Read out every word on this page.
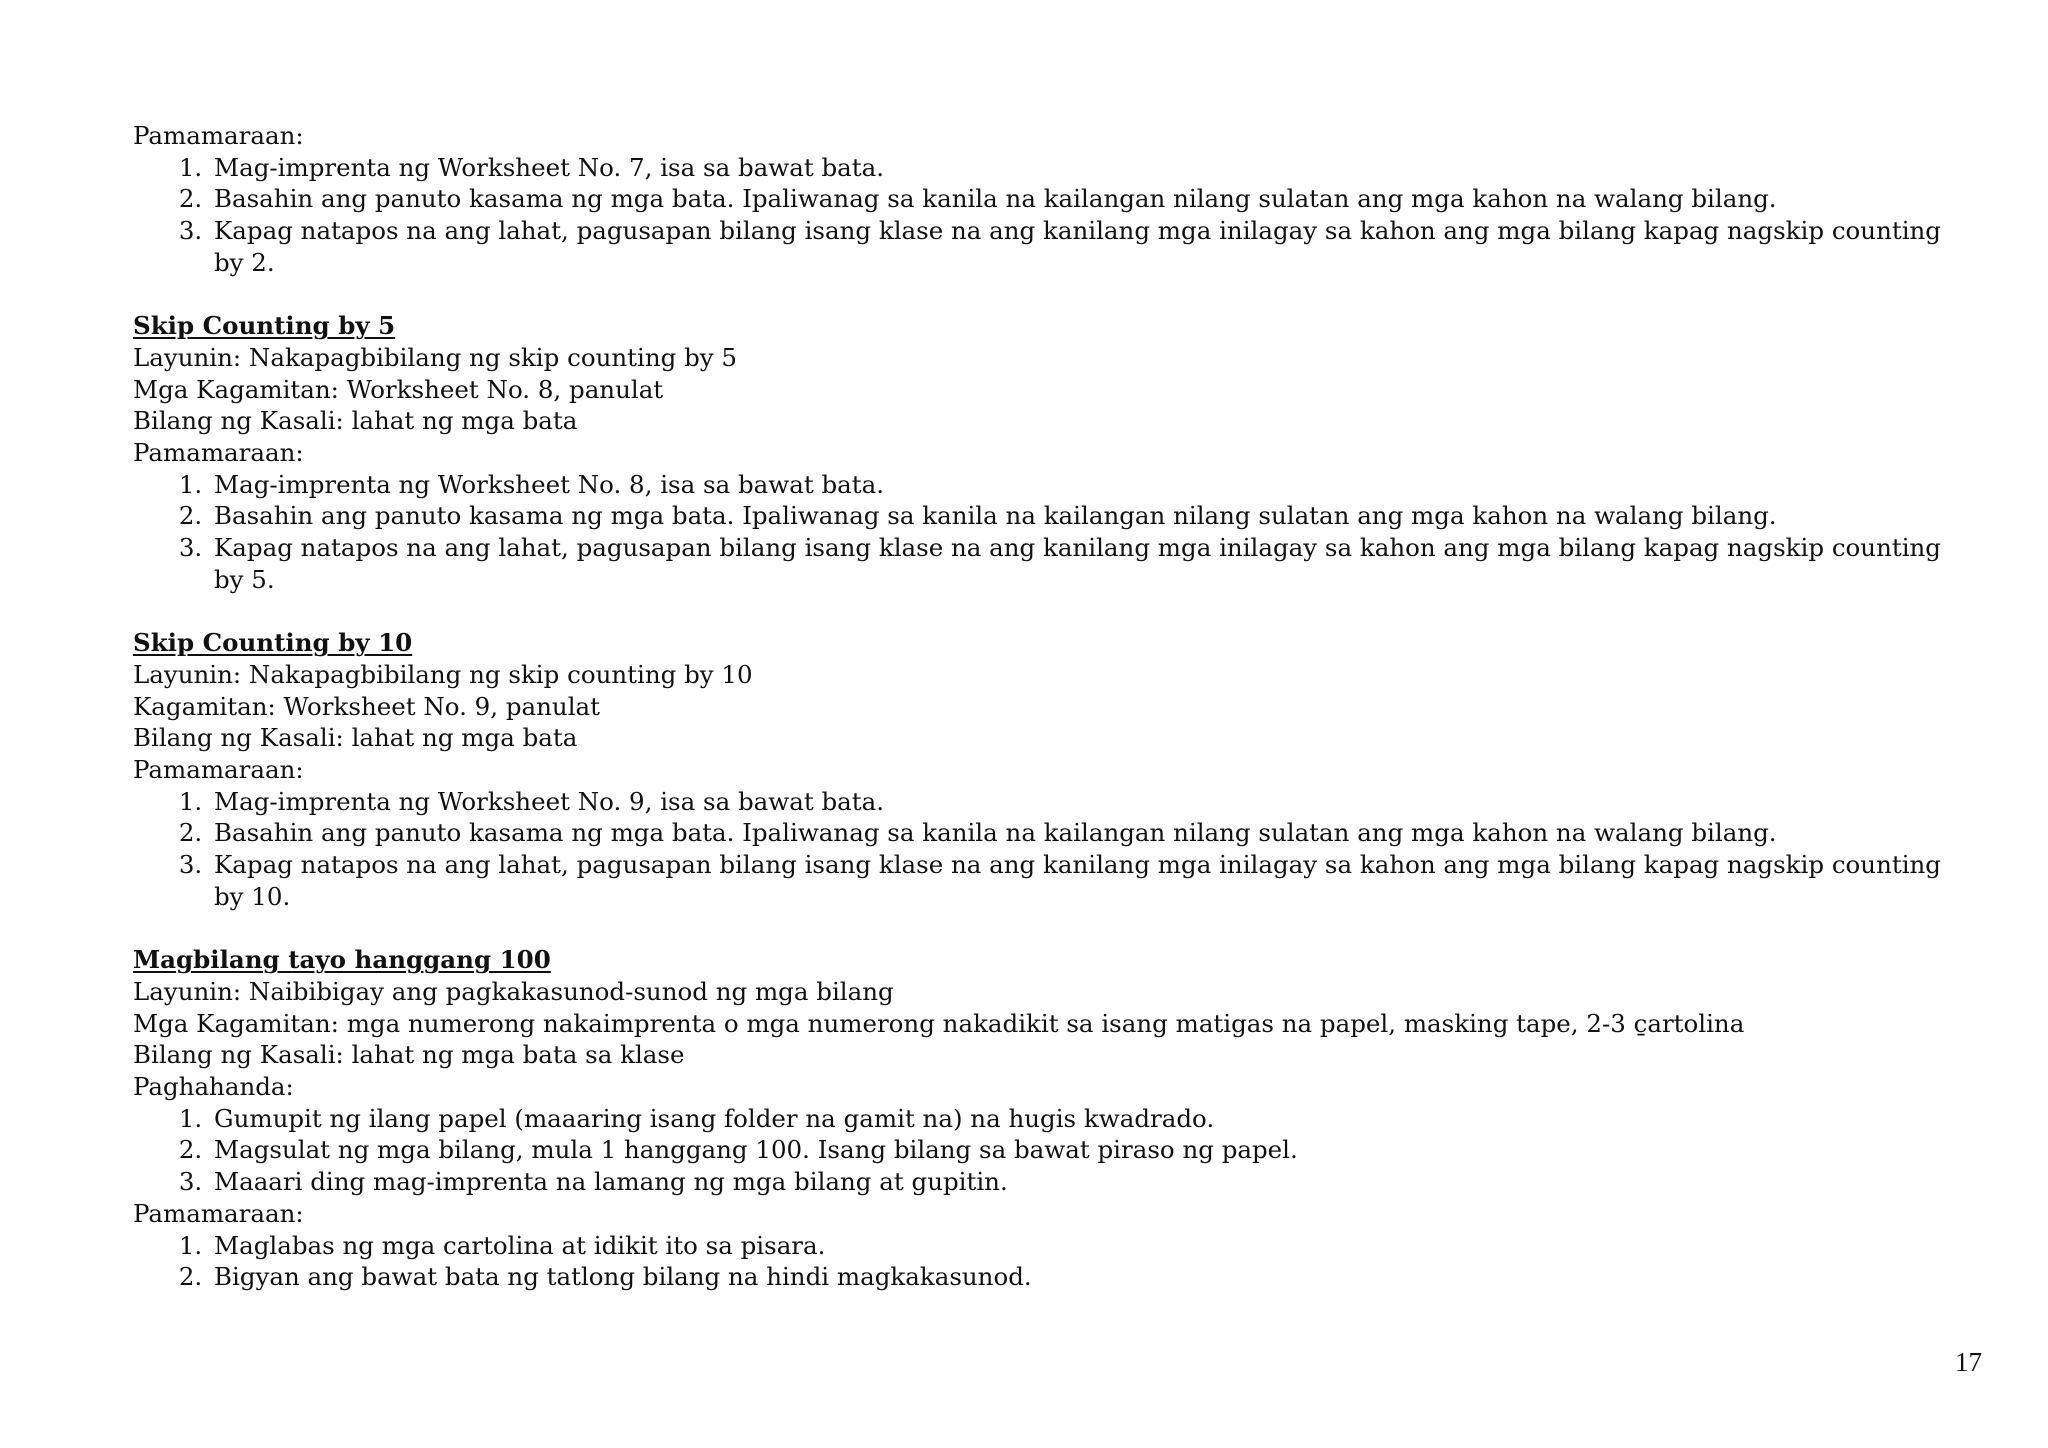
Pamamaraan:
1. Mag-imprenta ng Worksheet No. 7, isa sa bawat bata.
2. Basahin ang panuto kasama ng mga bata. Ipaliwanag sa kanila na kailangan nilang sulatan ang mga kahon na walang bilang.
3. Kapag natapos na ang lahat, pagusapan bilang isang klase na ang kanilang mga inilagay sa kahon ang mga bilang kapag nagskip counting by 2.
Skip Counting by 5
Layunin: Nakapagbibilang ng skip counting by 5
Mga Kagamitan: Worksheet No. 8, panulat
Bilang ng Kasali: lahat ng mga bata
Pamamaraan:
1. Mag-imprenta ng Worksheet No. 8, isa sa bawat bata.
2. Basahin ang panuto kasama ng mga bata. Ipaliwanag sa kanila na kailangan nilang sulatan ang mga kahon na walang bilang.
3. Kapag natapos na ang lahat, pagusapan bilang isang klase na ang kanilang mga inilagay sa kahon ang mga bilang kapag nagskip counting by 5.
Skip Counting by 10
Layunin: Nakapagbibilang ng skip counting by 10
Kagamitan: Worksheet No. 9, panulat
Bilang ng Kasali: lahat ng mga bata
Pamamaraan:
1. Mag-imprenta ng Worksheet No. 9, isa sa bawat bata.
2. Basahin ang panuto kasama ng mga bata. Ipaliwanag sa kanila na kailangan nilang sulatan ang mga kahon na walang bilang.
3. Kapag natapos na ang lahat, pagusapan bilang isang klase na ang kanilang mga inilagay sa kahon ang mga bilang kapag nagskip counting by 10.
Magbilang tayo hanggang 100
Layunin: Naibibigay ang pagkakasunod-sunod ng mga bilang
Mga Kagamitan: mga numerong nakaimprenta o mga numerong nakadikit sa isang matigas na papel, masking tape, 2-3 c̱artolina
Bilang ng Kasali: lahat ng mga bata sa klase
Paghahanda:
1. Gumupit ng ilang papel (maaaring isang folder na gamit na) na hugis kwadrado.
2. Magsulat ng mga bilang, mula 1 hanggang 100. Isang bilang sa bawat piraso ng papel.
3. Maaari ding mag-imprenta na lamang ng mga bilang at gupitin.
Pamamaraan:
1. Maglabas ng mga cartolina at idikit ito sa pisara.
2. Bigyan ang bawat bata ng tatlong bilang na hindi magkakasunod.
17
